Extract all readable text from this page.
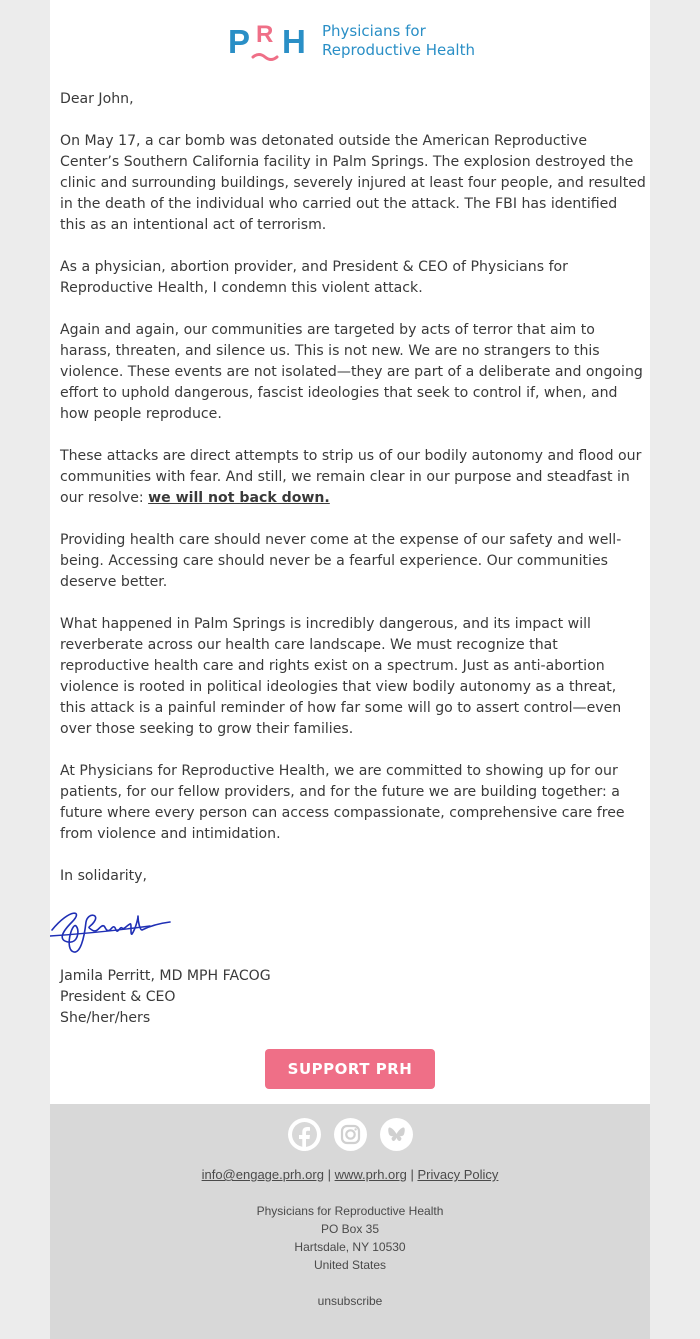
P R H Physicians for
Reproductive Health

Dear John,

On May 17, a car bomb was detonated outside the American Reproductive Center’s Southern California facility in Palm Springs. The explosion destroyed the clinic and surrounding buildings, severely injured at least four people, and resulted in the death of the individual who carried out the attack. The FBI has identified this as an intentional act of terrorism.

As a physician, abortion provider, and President & CEO of Physicians for Reproductive Health, I condemn this violent attack.

Again and again, our communities are targeted by acts of terror that aim to harass, threaten, and silence us. This is not new. We are no strangers to this violence. These events are not isolated—they are part of a deliberate and ongoing effort to uphold dangerous, fascist ideologies that seek to control if, when, and how people reproduce.

These attacks are direct attempts to strip us of our bodily autonomy and flood our communities with fear. And still, we remain clear in our purpose and steadfast in our resolve: we will not back down.

Providing health care should never come at the expense of our safety and well-being. Accessing care should never be a fearful experience. Our communities deserve better.

What happened in Palm Springs is incredibly dangerous, and its impact will reverberate across our health care landscape. We must recognize that reproductive health care and rights exist on a spectrum. Just as anti-abortion violence is rooted in political ideologies that view bodily autonomy as a threat, this attack is a painful reminder of how far some will go to assert control—even over those seeking to grow their families.

At Physicians for Reproductive Health, we are committed to showing up for our patients, for our fellow providers, and for the future we are building together: a future where every person can access compassionate, comprehensive care free from violence and intimidation.

In solidarity,

Jamila Perritt, MD MPH FACOG
President & CEO
She/her/hers
SUPPORT PRH
info@engage.prh.org | www.prh.org | Privacy Policy
Physicians for Reproductive Health
PO Box 35
Hartsdale, NY 10530
United States
unsubscribe
